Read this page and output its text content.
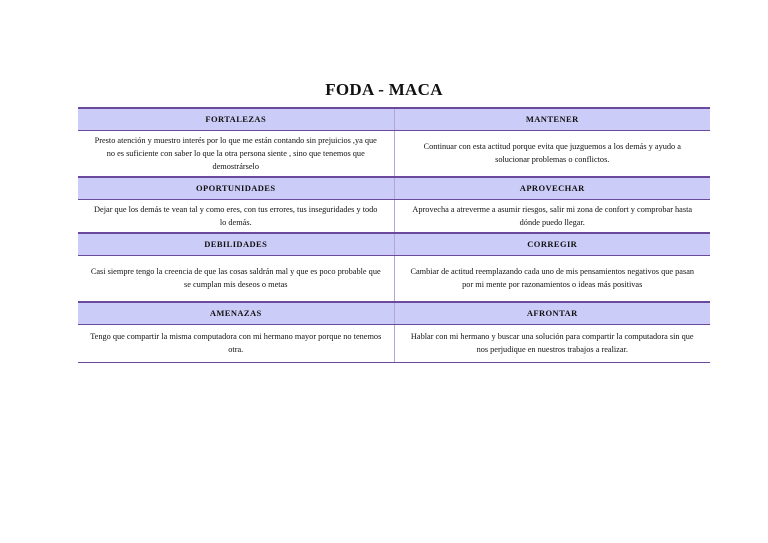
FODA - MACA
FORTALEZAS	MANTENER
Presto atención y muestro interés por lo que me están contando sin prejuicios ,ya que no es suficiente con saber lo que la otra persona siente , sino que tenemos que demostrárselo	Continuar con esta actitud porque evita que juzguemos a los demás y ayudo a solucionar problemas o conflictos.
OPORTUNIDADES	APROVECHAR
Dejar que los demás te vean tal y como eres, con tus errores, tus inseguridades y todo lo demás.	Aprovecha a atreverme a asumir riesgos, salir mi zona de confort y comprobar hasta dónde puedo llegar.
DEBILIDADES	CORREGIR
Casi siempre tengo la creencia de que las cosas saldrán mal y que es poco probable que se cumplan mis deseos o metas	Cambiar de actitud reemplazando cada uno de mis pensamientos negativos que pasan por mi mente por razonamientos o ideas más positivas
AMENAZAS	AFRONTAR
Tengo que compartir la misma computadora con mi hermano mayor porque no tenemos otra.	Hablar con mi hermano y buscar una solución para compartir la computadora sin que nos perjudique en nuestros trabajos a realizar.
